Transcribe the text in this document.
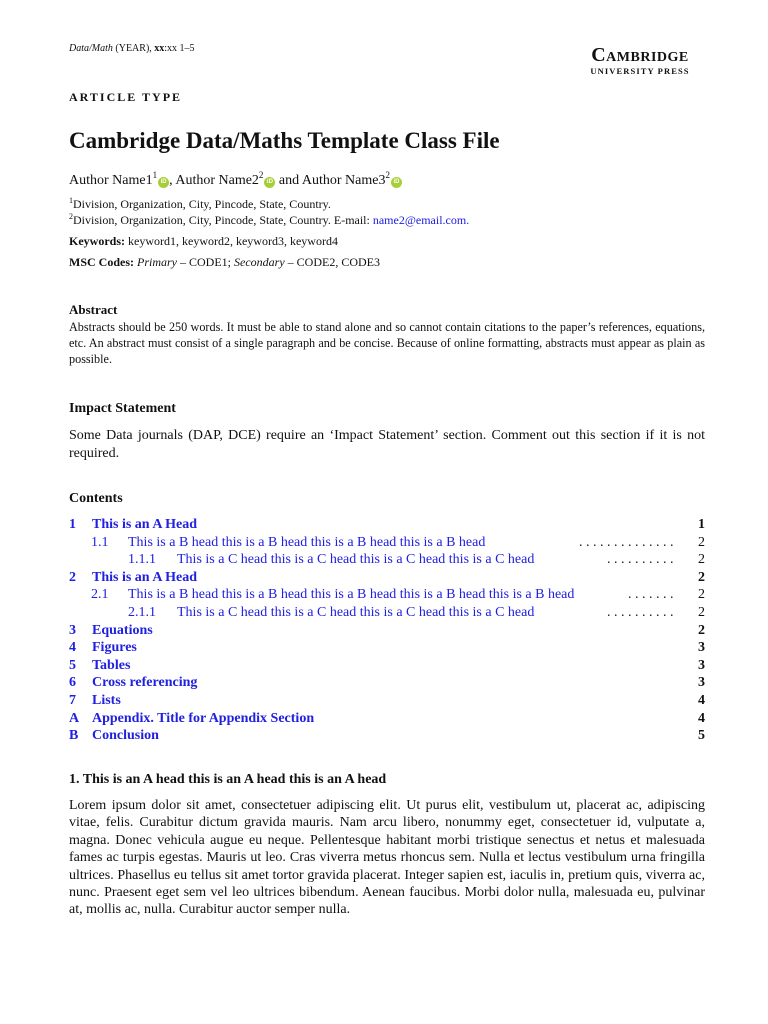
Data/Math (YEAR), xx:xx 1–5	Cambridge
UNIVERSITY PRESS
ARTICLE TYPE
Cambridge Data/Maths Template Class File
Author $Name1^1iD$ , Author $Name2^2iD$ and Author $Name3^2iD$
$^1$Division, Organization, City, Pincode, State, Country.
$^2$Division, Organization, City, Pincode, State, Country. E-mail: name2@email.com.
Keywords: keyword1, keyword2, keyword3, keyword4
MSC Codes: Primary – CODE1; Secondary – CODE2, CODE3
Abstract
Abstracts should be 250 words. It must be able to stand alone and so cannot contain citations to the paper’s references, equations, etc. An abstract must consist of a single paragraph and be concise. Because of online formatting, abstracts must appear as plain as possible.
Impact Statement
Some Data journals (DAP, DCE) require an ‘Impact Statement’ section. Comment out this section if it is not required.
Contents
1 This is an A Head	1
1.1 This is a B head this is a B head this is a B head this is a B head	.............. 2
1.1.1 This is a C head this is a C head this is a C head this is a C head	.......... 2
2 This is an A Head	2
2.1 This is a B head this is a B head this is a B head this is a B head this is a B head	....... 2
2.1.1 This is a C head this is a C head this is a C head this is a C head	.......... 2
3 Equations	2
4 Figures	3
5 Tables	3
6 Cross referencing	3
7 Lists	4
A Appendix. Title for Appendix Section	4
B Conclusion	5
1. This is an A head this is an A head this is an A head
Lorem ipsum dolor sit amet, consectetuer adipiscing elit. Ut purus elit, vestibulum ut, placerat ac, adipiscing vitae, felis. Curabitur dictum gravida mauris. Nam arcu libero, nonummy eget, consectetuer id, vulputate a, magna. Donec vehicula augue eu neque. Pellentesque habitant morbi tristique senectus et netus et malesuada fames ac turpis egestas. Mauris ut leo. Cras viverra metus rhoncus sem. Nulla et lectus vestibulum urna fringilla ultrices. Phasellus eu tellus sit amet tortor gravida placerat. Integer sapien est, iaculis in, pretium quis, viverra ac, nunc. Praesent eget sem vel leo ultrices bibendum. Aenean faucibus. Morbi dolor nulla, malesuada eu, pulvinar at, mollis ac, nulla. Curabitur auctor semper nulla.
